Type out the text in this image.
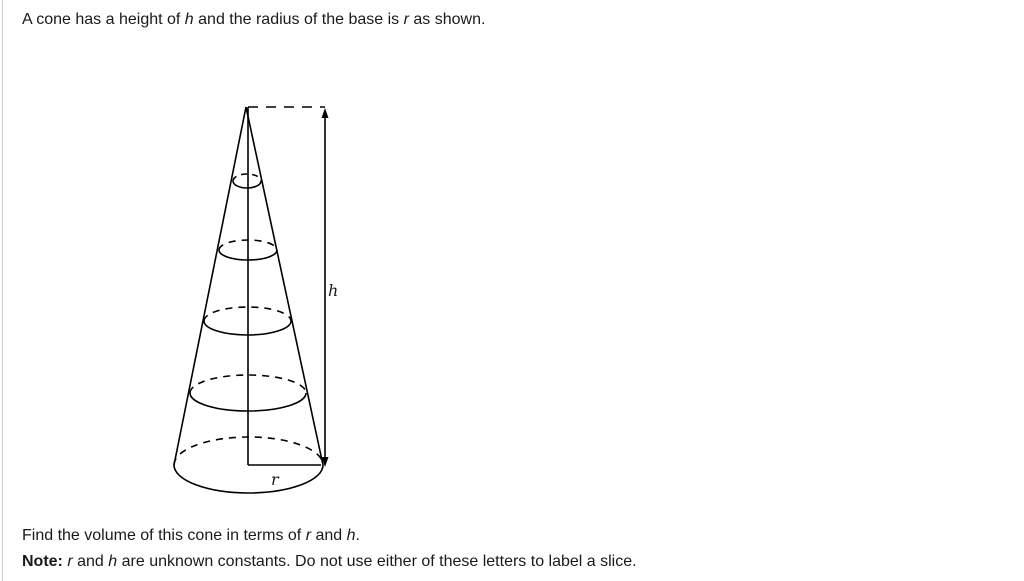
A cone has a height of h and the radius of the base is r as shown.
h
r
Find the volume of this cone in terms of r and h.
Note: r and h are unknown constants. Do not use either of these letters to label a slice.
